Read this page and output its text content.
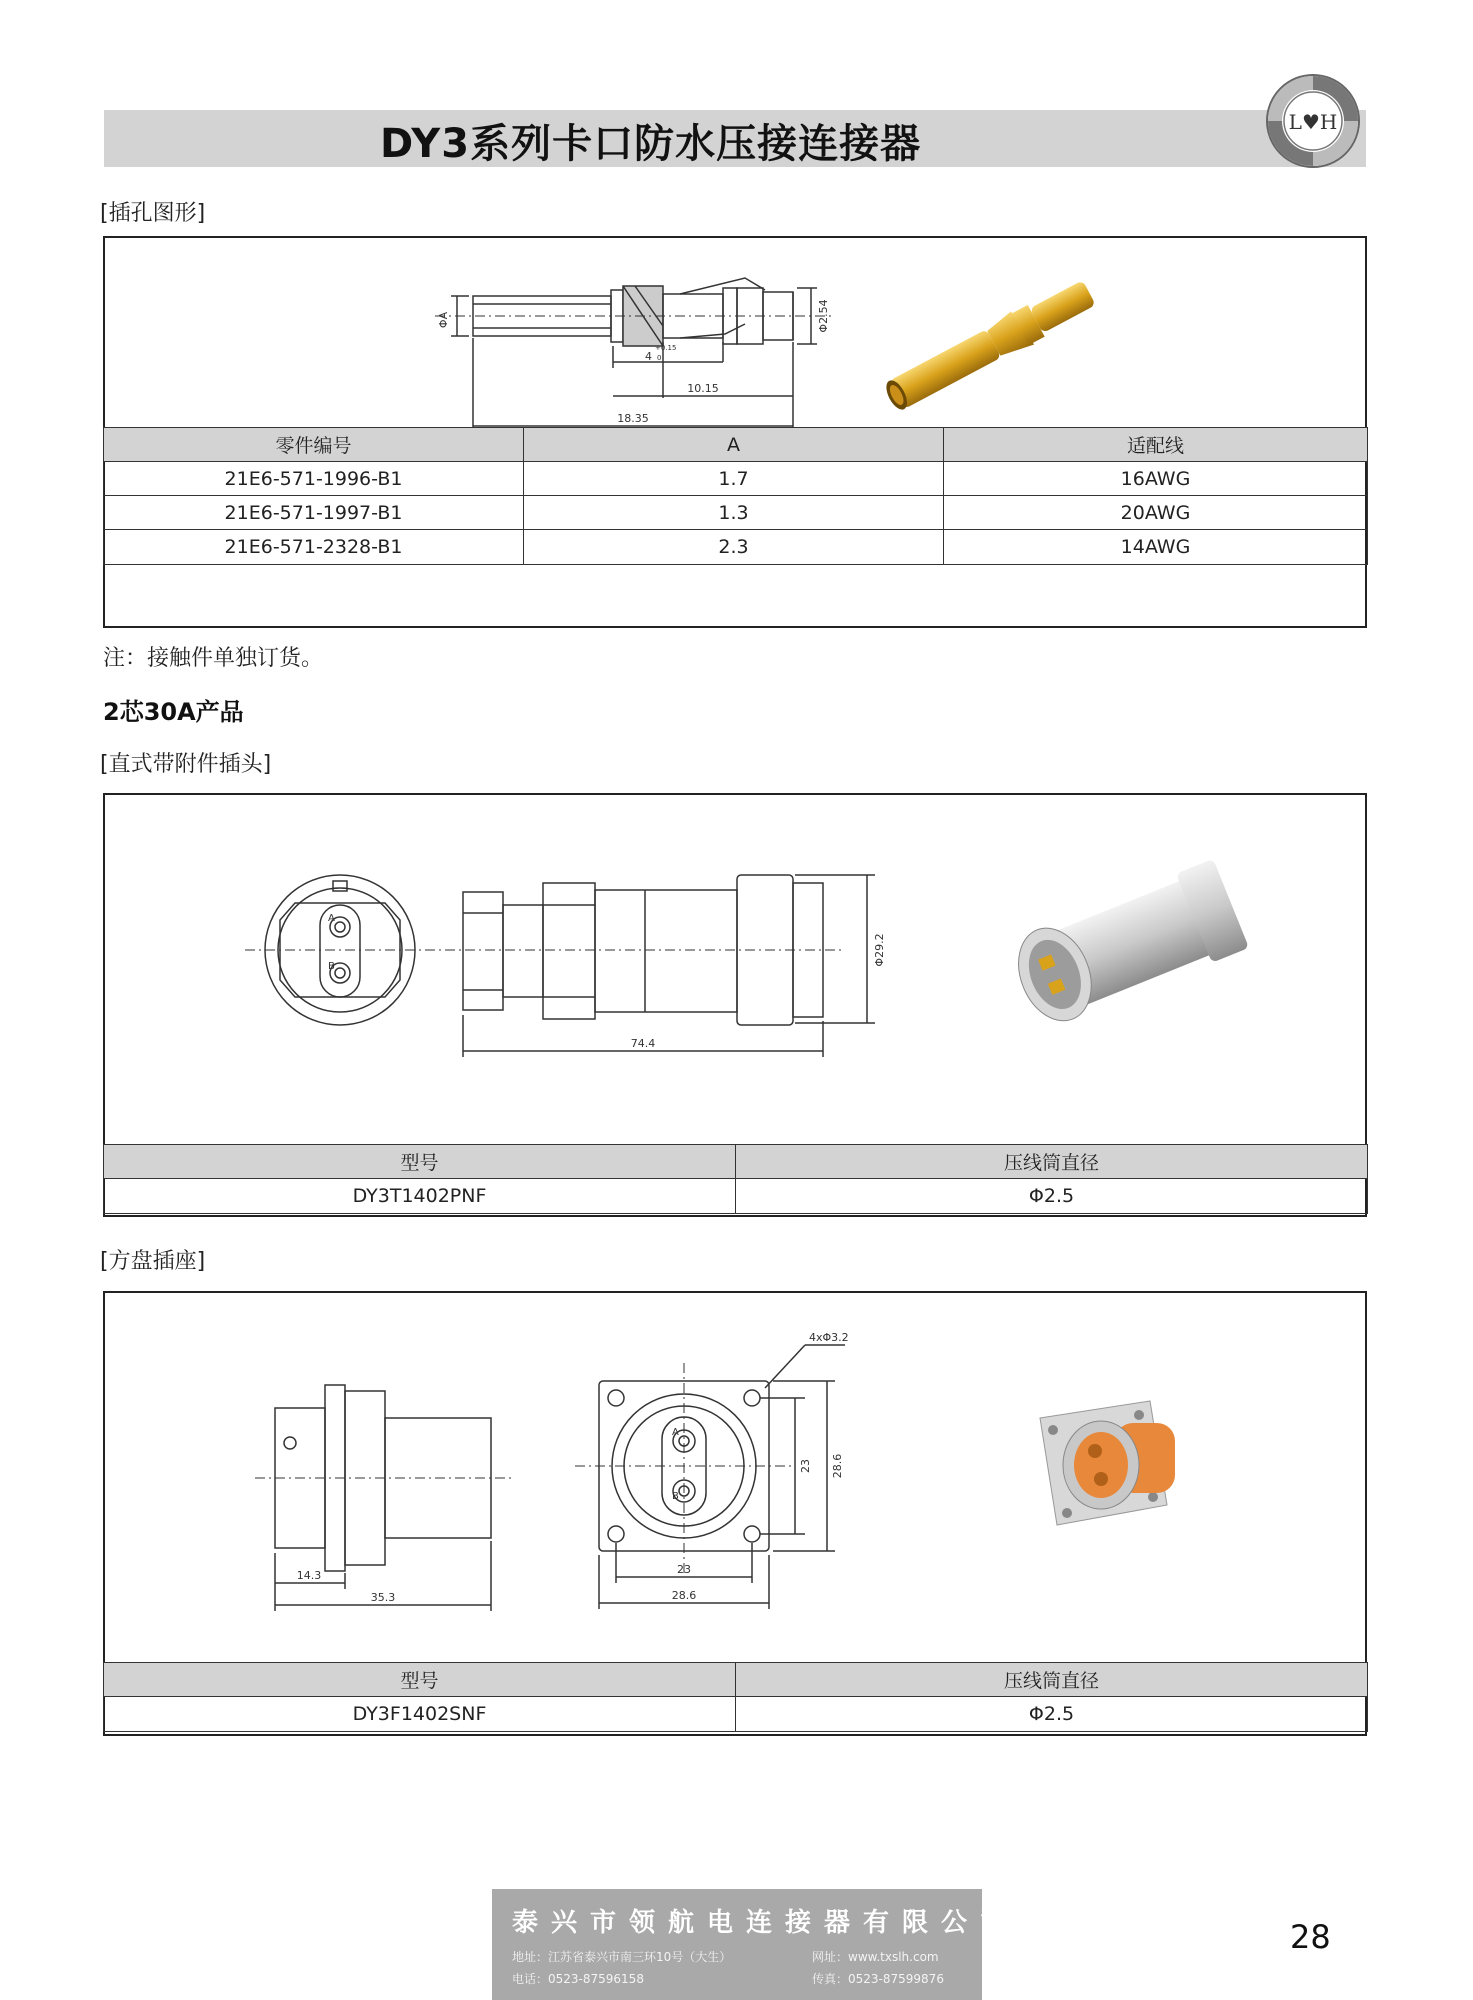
DY3系列卡口防水压接连接器	L♥H
[插孔图形]
ΦA	Φ2.54
4
+0.15
0
10.15
18.35
零件编号	A	适配线
21E6-571-1996-B1	1.7	16AWG
21E6-571-1997-B1	1.3	20AWG
21E6-571-2328-B1	2.3	14AWG
注：接触件单独订货。
2芯30A产品
[直式带附件插头]
A
B	Φ29.2
74.4
型号	压线筒直径
DY3T1402PNF	Φ2.5
[方盘插座]
A
B
4xΦ3.2
23 28.6
14.3
35.3
23
28.6
型号	压线筒直径
DY3F1402SNF	Φ2.5
泰兴市领航电连接器有限公司
地址：江苏省泰兴市南三环10号（大生）	网址：www.txslh.com
电话：0523-87596158	传真：0523-87599876
28
